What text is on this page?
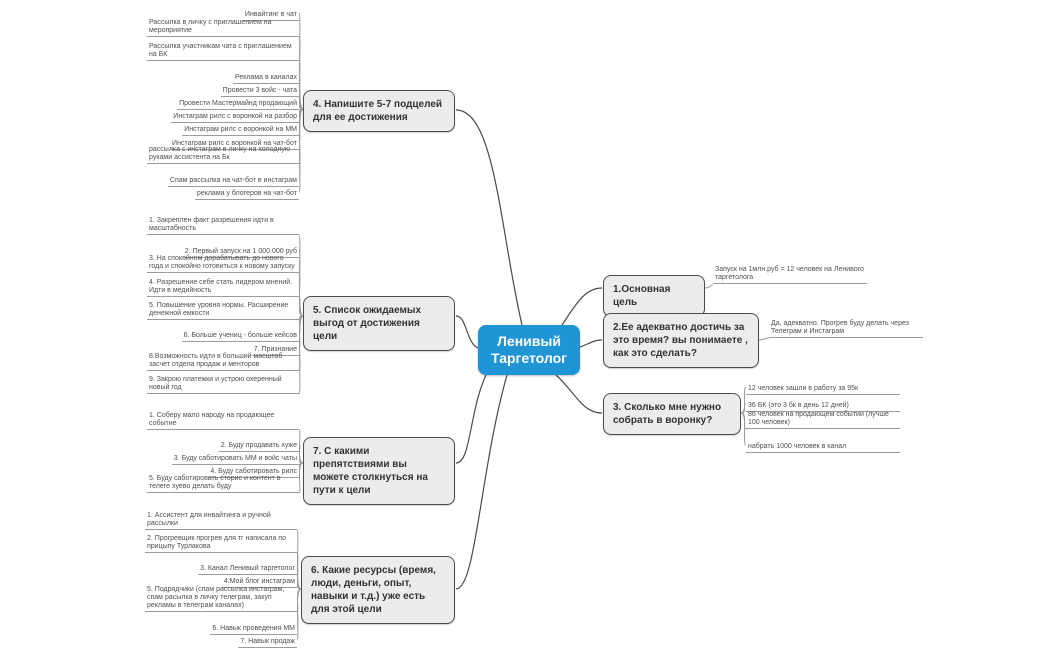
Ленивый Таргетолог
1.Основная цель
2.Ее адекватно достичь за это время? вы понимаете , как это сделать?
3. Сколько мне нужно собрать в воронку?
4. Напишите 5-7 подцелей для ее достижения
5. Список ожидаемых выгод от достижения цели
6. Какие ресурсы (время, люди, деньги, опыт, навыки и т.д.) уже есть для этой цели
7. С какими препятствиями вы можете столкнуться на пути к цели
Инвайтинг в чат
Рассылка в личку с приглашением на мероприятие
Рассылка участникам чата с приглашением на БК
Реклама в каналах
Провести 3 войс - чата
Провести Мастермайнд продающий
Инстаграм рилс с воронкой на разбор
Инстаграм рилс с воронкой на ММ
Инстаграм рилс с воронкой на чат-бот
рассылка с инстаграм в личку на холодную руками ассистента на Бк
Спам рассылка на чат-бот в инстаграм
реклама у блогеров на чат-бот
1. Закреплен факт разрешения идти в масштабность
2. Первый запуск на 1 000 000 руб
3. На спокойном дорабатывать до нового года и спокойно готовиться к новому запуску
4. Разрешение себе стать лидером мнений. Идти в медийность
5. Повышение уровня нормы. Расширение денежной емкости
6. Больше учениц - больше кейсов
7. Признание
8.Возможность идти в больший масштаб засчет отдела продаж и менторов
9. Закрою платежки и устрою охеренный новый год
1. Соберу мало народу на продающее событие
2. Буду продавать хуже
3. Буду саботировать ММ и войс чаты
4. Буду саботировать рилс
5. Буду саботировать сторис и контент в телеге хуево делать буду
1. Ассистент для инвайтинга и ручной рассылки
2. Прогревщик прогрев для тг написала по прицыпу Турлакова
3. Канал Ленивый таргетолог
4.Мой блог инстаграм
5. Подрядчики (спам рассылка инстаграм, спам расылка в личку телеграм, закуп рекламы в телеграм каналах)
6. Навык проведения ММ
7. Навык продаж
Запуск на 1млн.руб = 12 человек на Ленивого таргетолога
Да, адекватно. Прогрев буду делать через Телеграм и Инстаграм
12 человек зашли в работу за 95к
36 БК (это 3 бк в день 12 дней)
86 человек на продающем событии (лучше 100 человек)
набрать 1000 человек в канал
